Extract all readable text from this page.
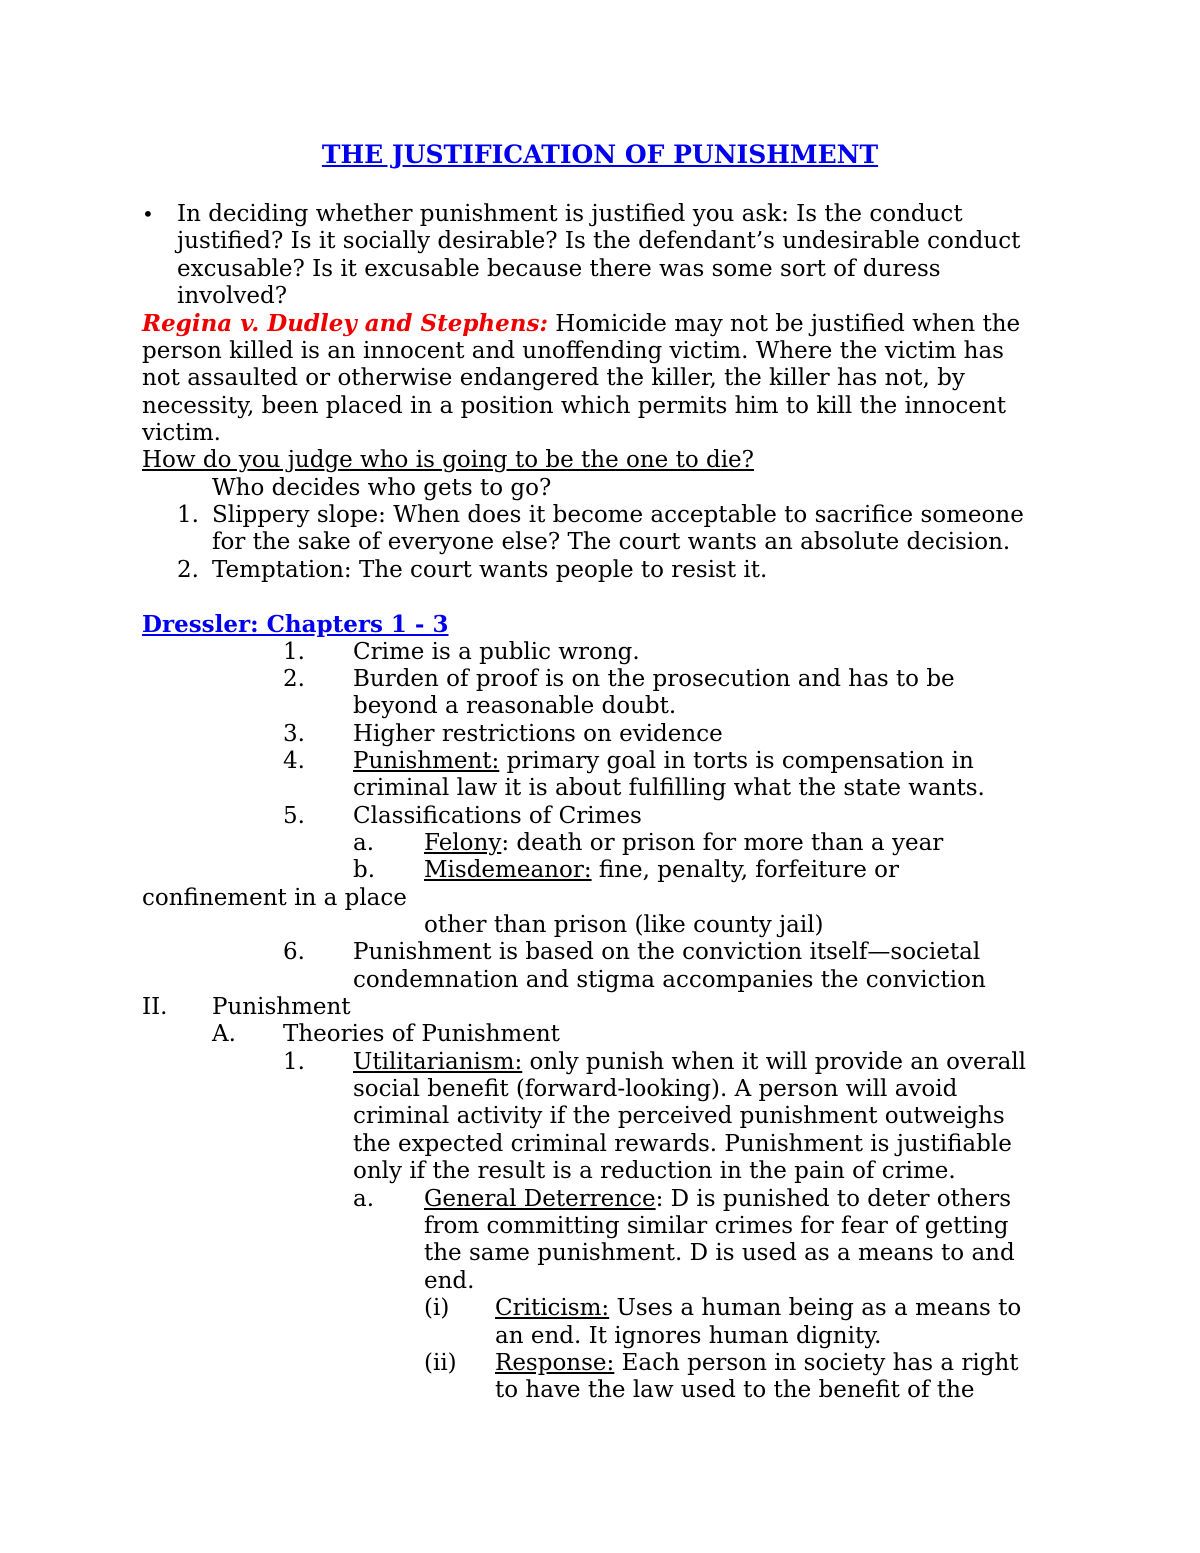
THE JUSTIFICATION OF PUNISHMENT
• In deciding whether punishment is justified you ask: Is the conduct
justified? Is it socially desirable? Is the defendant’s undesirable conduct
excusable? Is it excusable because there was some sort of duress
involved?
Regina v. Dudley and Stephens: Homicide may not be justified when the
person killed is an innocent and unoffending victim. Where the victim has
not assaulted or otherwise endangered the killer, the killer has not, by
necessity, been placed in a position which permits him to kill the innocent
victim.
How do you judge who is going to be the one to die?
Who decides who gets to go?
1. Slippery slope: When does it become acceptable to sacrifice someone
for the sake of everyone else? The court wants an absolute decision.
2. Temptation: The court wants people to resist it.
Dressler: Chapters 1 - 3
1. Crime is a public wrong.
2. Burden of proof is on the prosecution and has to be
beyond a reasonable doubt.
3. Higher restrictions on evidence
4. Punishment: primary goal in torts is compensation in
criminal law it is about fulfilling what the state wants.
5. Classifications of Crimes
a. Felony: death or prison for more than a year
b. Misdemeanor: fine, penalty, forfeiture or
confinement in a place
other than prison (like county jail)
6. Punishment is based on the conviction itself—societal
condemnation and stigma accompanies the conviction
II. Punishment
A. Theories of Punishment
1. Utilitarianism: only punish when it will provide an overall
social benefit (forward-looking). A person will avoid
criminal activity if the perceived punishment outweighs
the expected criminal rewards. Punishment is justifiable
only if the result is a reduction in the pain of crime.
a. General Deterrence: D is punished to deter others
from committing similar crimes for fear of getting
the same punishment. D is used as a means to and
end.
(i) Criticism: Uses a human being as a means to
an end. It ignores human dignity.
(ii) Response: Each person in society has a right
to have the law used to the benefit of the
